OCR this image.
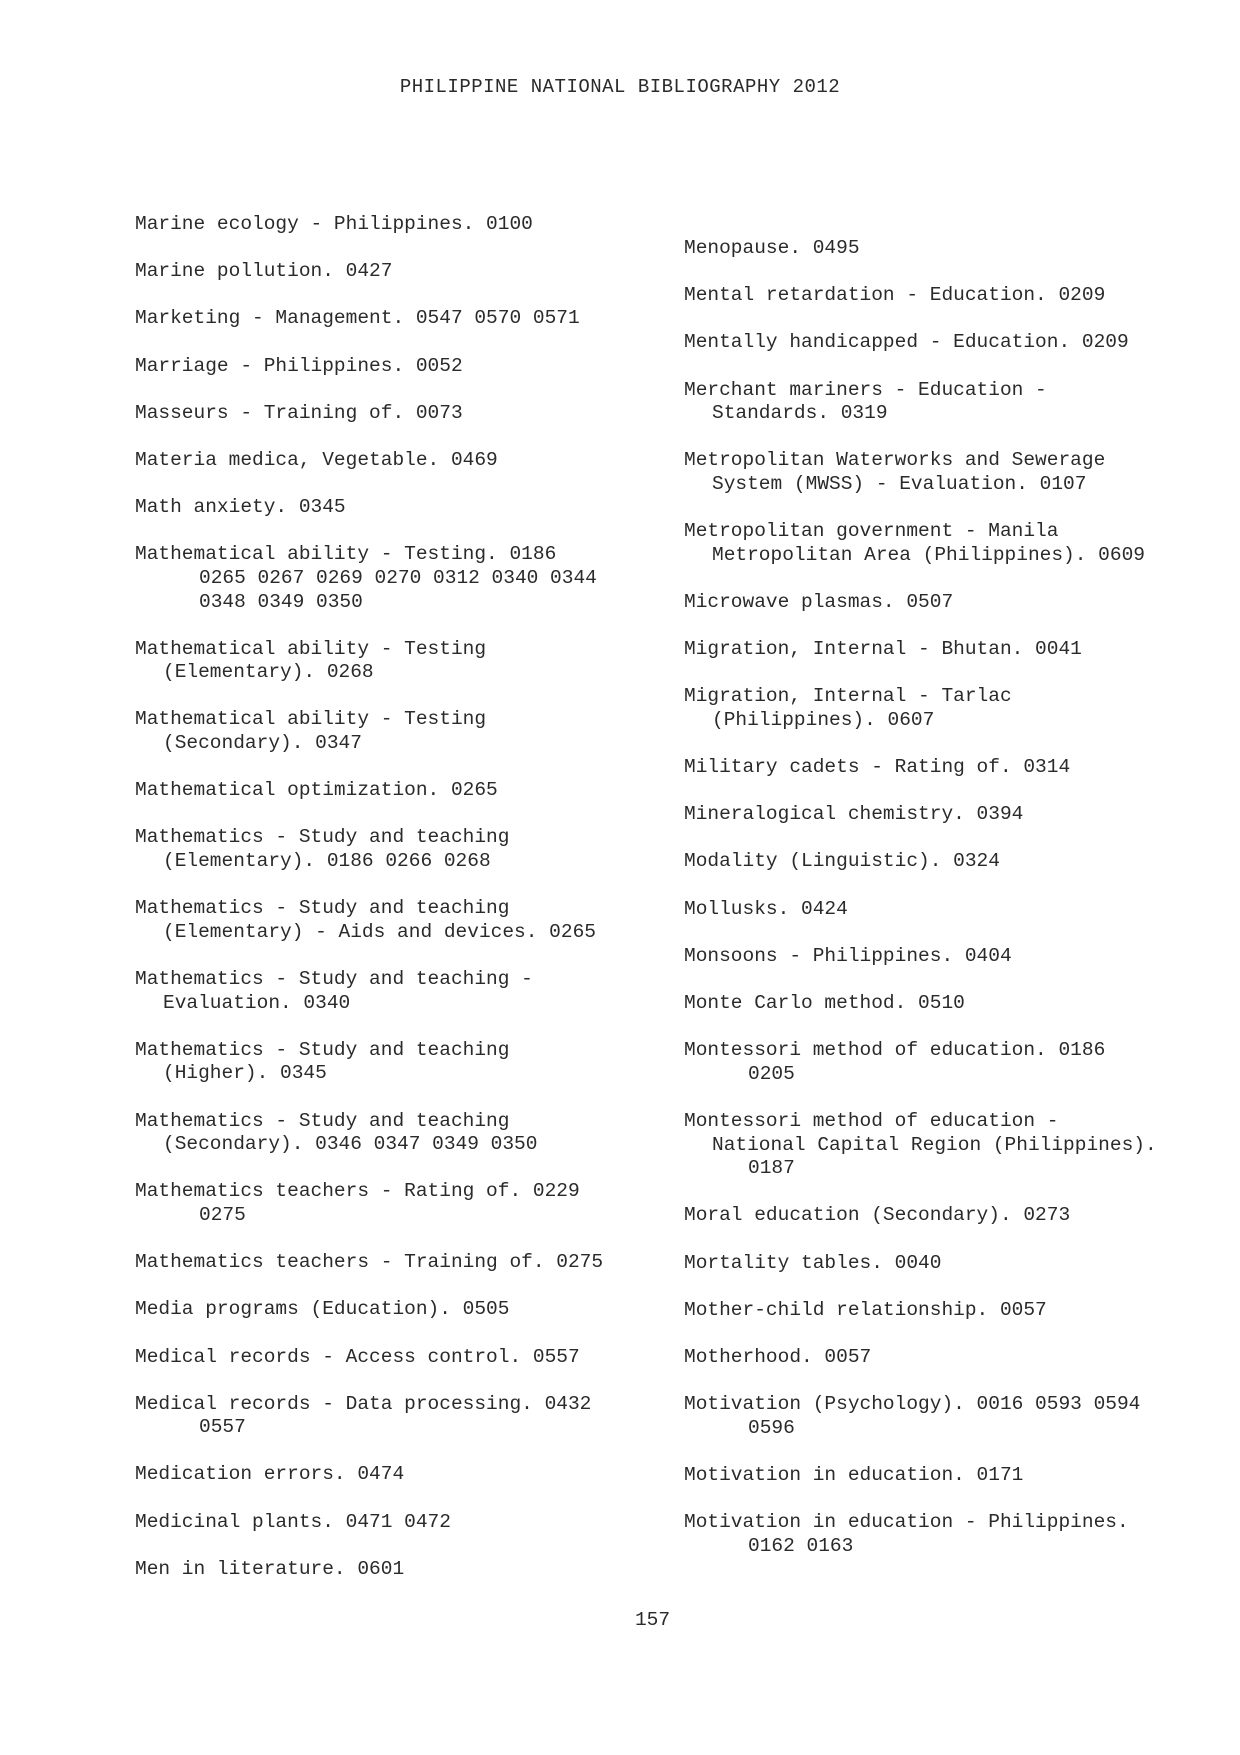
PHILIPPINE NATIONAL BIBLIOGRAPHY 2012
Marine ecology - Philippines. 0100
Marine pollution. 0427
Marketing - Management. 0547 0570 0571
Marriage - Philippines. 0052
Masseurs - Training of. 0073
Materia medica, Vegetable. 0469
Math anxiety. 0345
Mathematical ability - Testing. 0186
0265 0267 0269 0270 0312 0340 0344
0348 0349 0350
Mathematical ability - Testing
(Elementary). 0268
Mathematical ability - Testing
(Secondary). 0347
Mathematical optimization. 0265
Mathematics - Study and teaching
(Elementary). 0186 0266 0268
Mathematics - Study and teaching
(Elementary) - Aids and devices. 0265
Mathematics - Study and teaching -
Evaluation. 0340
Mathematics - Study and teaching
(Higher). 0345
Mathematics - Study and teaching
(Secondary). 0346 0347 0349 0350
Mathematics teachers - Rating of. 0229
0275
Mathematics teachers - Training of. 0275
Media programs (Education). 0505
Medical records - Access control. 0557
Medical records - Data processing. 0432
0557
Medication errors. 0474
Medicinal plants. 0471 0472
Men in literature. 0601
Menopause. 0495
Mental retardation - Education. 0209
Mentally handicapped - Education. 0209
Merchant mariners - Education -
Standards. 0319
Metropolitan Waterworks and Sewerage
System (MWSS) - Evaluation. 0107
Metropolitan government - Manila
Metropolitan Area (Philippines). 0609
Microwave plasmas. 0507
Migration, Internal - Bhutan. 0041
Migration, Internal - Tarlac
(Philippines). 0607
Military cadets - Rating of. 0314
Mineralogical chemistry. 0394
Modality (Linguistic). 0324
Mollusks. 0424
Monsoons - Philippines. 0404
Monte Carlo method. 0510
Montessori method of education. 0186
0205
Montessori method of education -
National Capital Region (Philippines).
0187
Moral education (Secondary). 0273
Mortality tables. 0040
Mother-child relationship. 0057
Motherhood. 0057
Motivation (Psychology). 0016 0593 0594
0596
Motivation in education. 0171
Motivation in education - Philippines.
0162 0163
157
